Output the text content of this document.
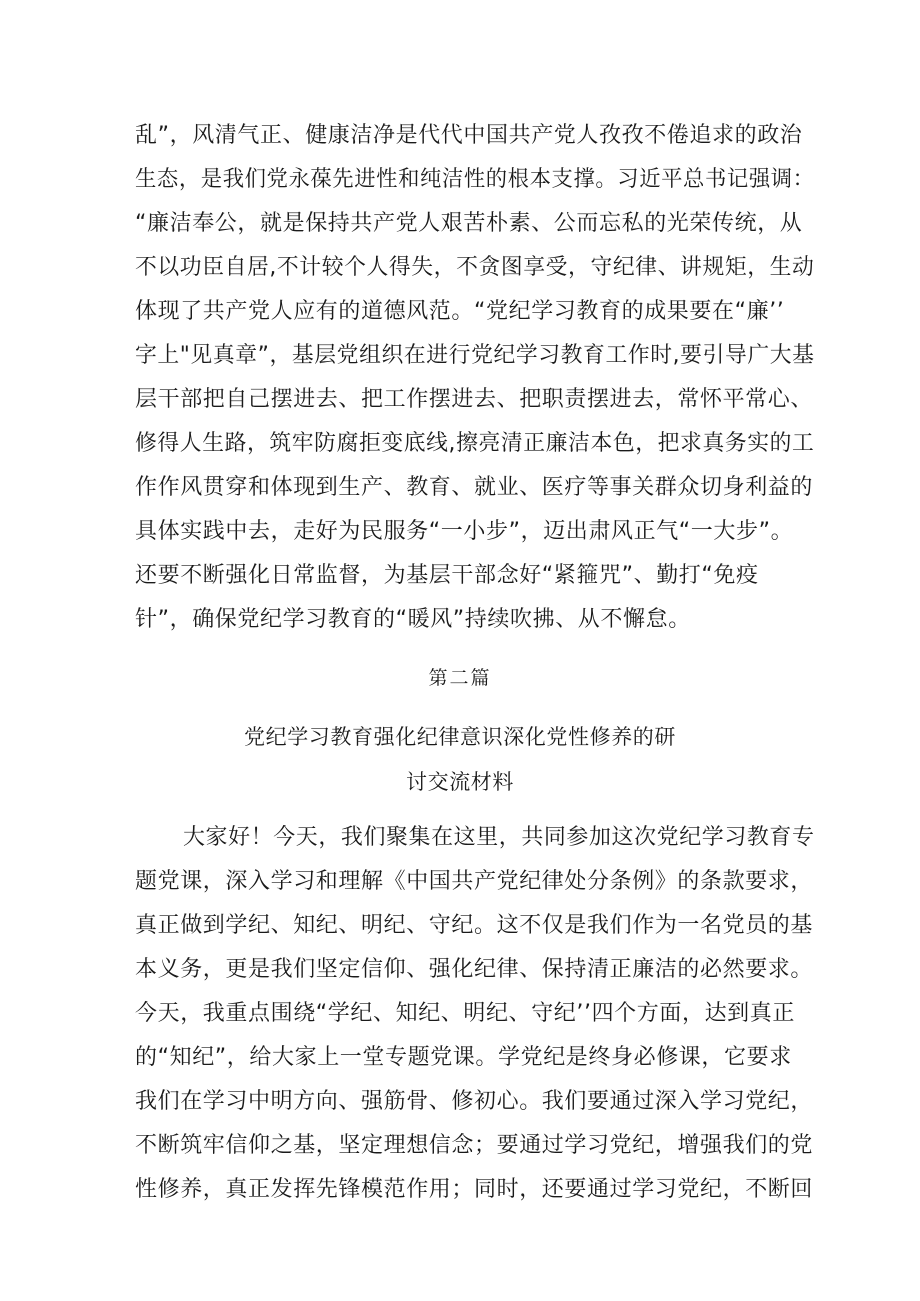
乱”，风清气正、健康洁净是代代中国共产党人孜孜不倦追求的政治
生态，是我们党永葆先进性和纯洁性的根本支撑。习近平总书记强调：
“廉洁奉公，就是保持共产党人艰苦朴素、公而忘私的光荣传统，从
不以功臣自居,不计较个人得失，不贪图享受，守纪律、讲规矩，生动
体现了共产党人应有的道德风范。“党纪学习教育的成果要在“廉’’
字上"见真章”，基层党组织在进行党纪学习教育工作时,要引导广大基
层干部把自己摆进去、把工作摆进去、把职责摆进去，常怀平常心、
修得人生路，筑牢防腐拒变底线,擦亮清正廉洁本色，把求真务实的工
作作风贯穿和体现到生产、教育、就业、医疗等事关群众切身利益的
具体实践中去，走好为民服务“一小步”，迈出肃风正气“一大步”。
还要不断强化日常监督，为基层干部念好“紧箍咒”、勤打“免疫
针”，确保党纪学习教育的“暖风”持续吹拂、从不懈怠。
第二篇
党纪学习教育强化纪律意识深化党性修养的研
讨交流材料
大家好！今天，我们聚集在这里，共同参加这次党纪学习教育专
题党课，深入学习和理解《中国共产党纪律处分条例》的条款要求，
真正做到学纪、知纪、明纪、守纪。这不仅是我们作为一名党员的基
本义务，更是我们坚定信仰、强化纪律、保持清正廉洁的必然要求。
今天，我重点围绕“学纪、知纪、明纪、守纪’’四个方面，达到真正
的“知纪”，给大家上一堂专题党课。学党纪是终身必修课，它要求
我们在学习中明方向、强筋骨、修初心。我们要通过深入学习党纪，
不断筑牢信仰之基，坚定理想信念；要通过学习党纪，增强我们的党
性修养，真正发挥先锋模范作用；同时，还要通过学习党纪，不断回
